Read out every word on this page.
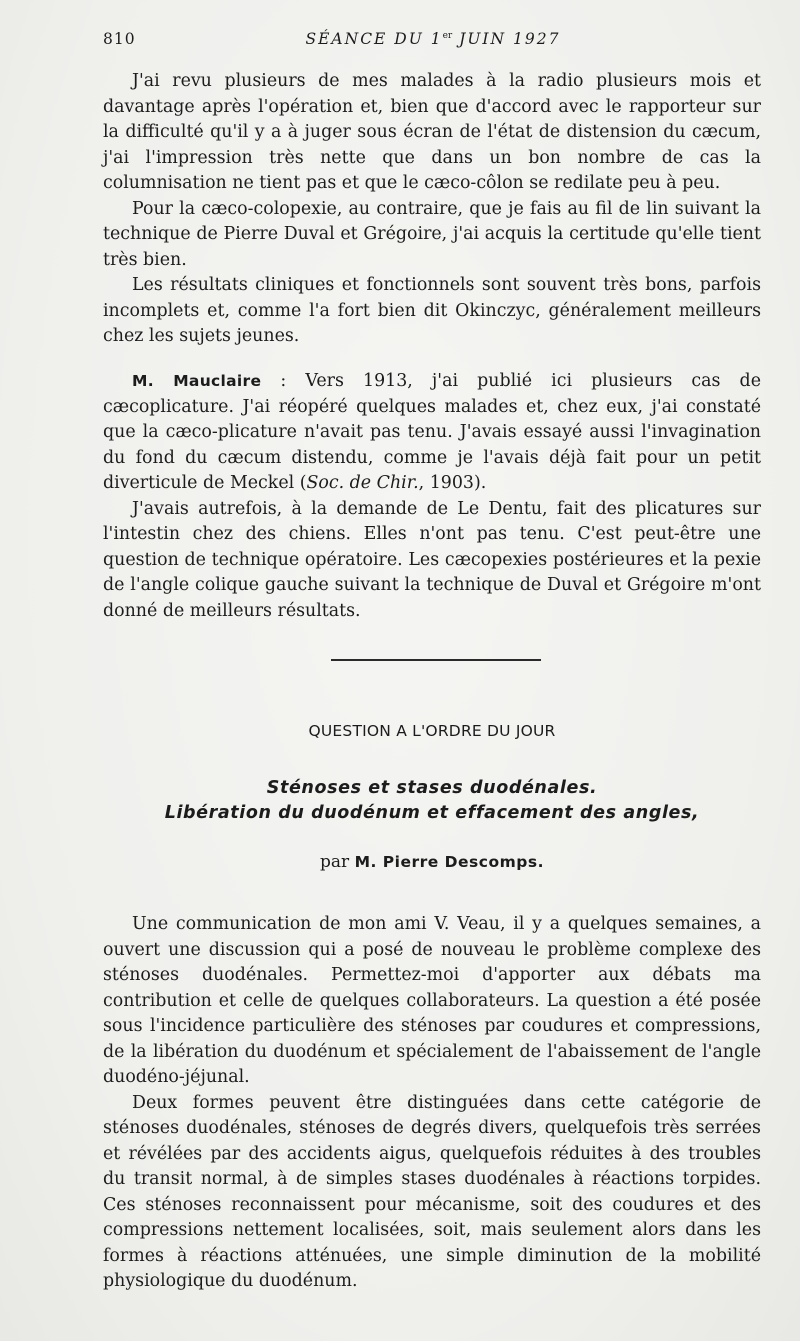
810	SÉANCE DU 1er JUIN 1927

J'ai revu plusieurs de mes malades à la radio plusieurs mois et davantage après l'opération et, bien que d'accord avec le rapporteur sur la difficulté qu'il y a à juger sous écran de l'état de distension du cæcum, j'ai l'impression très nette que dans un bon nombre de cas la columnisation ne tient pas et que le cæco-côlon se redilate peu à peu.

Pour la cæco-colopexie, au contraire, que je fais au fil de lin suivant la technique de Pierre Duval et Grégoire, j'ai acquis la certitude qu'elle tient très bien.

Les résultats cliniques et fonctionnels sont souvent très bons, parfois incomplets et, comme l'a fort bien dit Okinczyc, généralement meilleurs chez les sujets jeunes.

M. Mauclaire : Vers 1913, j'ai publié ici plusieurs cas de cæcoplicature. J'ai réopéré quelques malades et, chez eux, j'ai constaté que la cæco-plicature n'avait pas tenu. J'avais essayé aussi l'invagination du fond du cæcum distendu, comme je l'avais déjà fait pour un petit diverticule de Meckel (Soc. de Chir., 1903).

J'avais autrefois, à la demande de Le Dentu, fait des plicatures sur l'intestin chez des chiens. Elles n'ont pas tenu. C'est peut-être une question de technique opératoire. Les cæcopexies postérieures et la pexie de l'angle colique gauche suivant la technique de Duval et Grégoire m'ont donné de meilleurs résultats.

QUESTION A L'ORDRE DU JOUR
Sténoses et stases duodénales.
Libération du duodénum et effacement des angles,
par M. Pierre Descomps.

Une communication de mon ami V. Veau, il y a quelques semaines, a ouvert une discussion qui a posé de nouveau le problème complexe des sténoses duodénales. Permettez-moi d'apporter aux débats ma contribution et celle de quelques collaborateurs. La question a été posée sous l'incidence particulière des sténoses par coudures et compressions, de la libération du duodénum et spécialement de l'abaissement de l'angle duodéno-jéjunal.

Deux formes peuvent être distinguées dans cette catégorie de sténoses duodénales, sténoses de degrés divers, quelquefois très serrées et révélées par des accidents aigus, quelquefois réduites à des troubles du transit normal, à de simples stases duodénales à réactions torpides. Ces sténoses reconnaissent pour mécanisme, soit des coudures et des compressions nettement localisées, soit, mais seulement alors dans les formes à réactions atténuées, une simple diminution de la mobilité physiologique du duodénum.
